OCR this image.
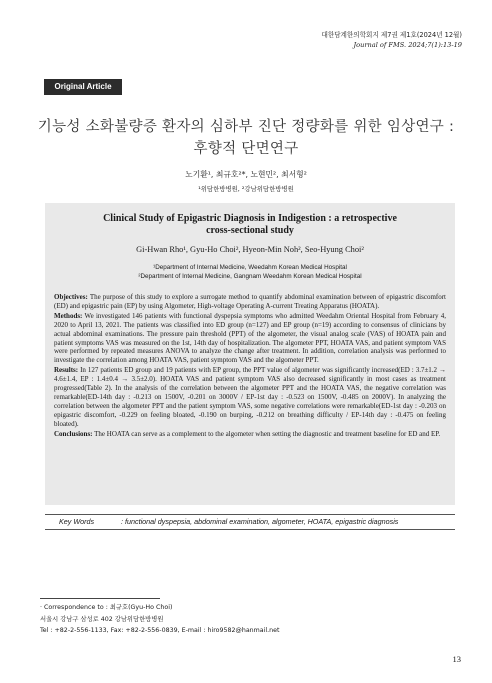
대한담계한의학회지 제7권 제1호(2024년 12월)
Journal of FMS. 2024;7(1):13-19
Original Article
기능성 소화불량증 환자의 심하부 진단 정량화를 위한 임상연구 :
후향적 단면연구
노기환¹, 최규호²*, 노현민², 최서형²
¹위담한방병원, ²강남위담한방병원
Clinical Study of Epigastric Diagnosis in Indigestion : a retrospective
cross-sectional study
Gi-Hwan Rho¹, Gyu-Ho Choi², Hyeon-Min Noh², Seo-Hyung Choi²
¹Department of Internal Medicine, Weedahm Korean Medical Hospital
²Department of Internal Medicine, Gangnam Weedahm Korean Medical Hospital

Objectives: The purpose of this study to explore a surrogate method to quantify abdominal examination between of epigastric discomfort (ED) and epigastric pain (EP) by using Algometer, High-voltage Operating A-current Treating Apparatus (HOATA).

Methods: We investigated 146 patients with functional dyspepsia symptoms who admitted Weedahm Oriental Hospital from February 4, 2020 to April 13, 2021. The patients was classified into ED group (n=127) and EP group (n=19) according to consensus of clinicians by actual abdominal examinations. The pressure pain threshold (PPT) of the algometer, the visual analog scale (VAS) of HOATA pain and patient symptoms VAS was measured on the 1st, 14th day of hospitalization. The algometer PPT, HOATA VAS, and patient symptom VAS were performed by repeated measures ANOVA to analyze the change after treatment. In addition, correlation analysis was performed to investigate the correlation among HOATA VAS, patient symptom VAS and the algometer PPT.

Results: In 127 patients ED group and 19 patients with EP group, the PPT value of algometer was significantly increased(ED : 3.7±1.2 → 4.6±1.4, EP : 1.4±0.4 → 3.5±2.0). HOATA VAS and patient symptom VAS also decreased significantly in most cases as treatment progressed(Table 2). In the analysis of the correlation between the algometer PPT and the HOATA VAS, the negative correlation was remarkable(ED-14th day : -0.213 on 1500V, -0.201 on 3000V / EP-1st day : -0.523 on 1500V, -0.485 on 2000V). In analyzing the correlation between the algometer PPT and the patient symptom VAS, some negative correlations were remarkable(ED-1st day : -0.203 on epigastric discomfort, -0.229 on feeling bloated, -0.190 on burping, -0.212 on breathing difficulty / EP-14th day : -0.475 on feeling bloated).

Conclusions: The HOATA can serve as a complement to the algometer when setting the diagnostic and treatment baseline for ED and EP.

Key Words	: functional dyspepsia, abdominal examination, algometer, HOATA, epigastric diagnosis
· Correspondence to : 최규호(Gyu-Ho Choi)
서울시 강남구 삼성로 402 강남위담한방병원
Tel : +82-2-556-1133, Fax: +82-2-556-0839, E-mail : hiro9582@hanmail.net
13
